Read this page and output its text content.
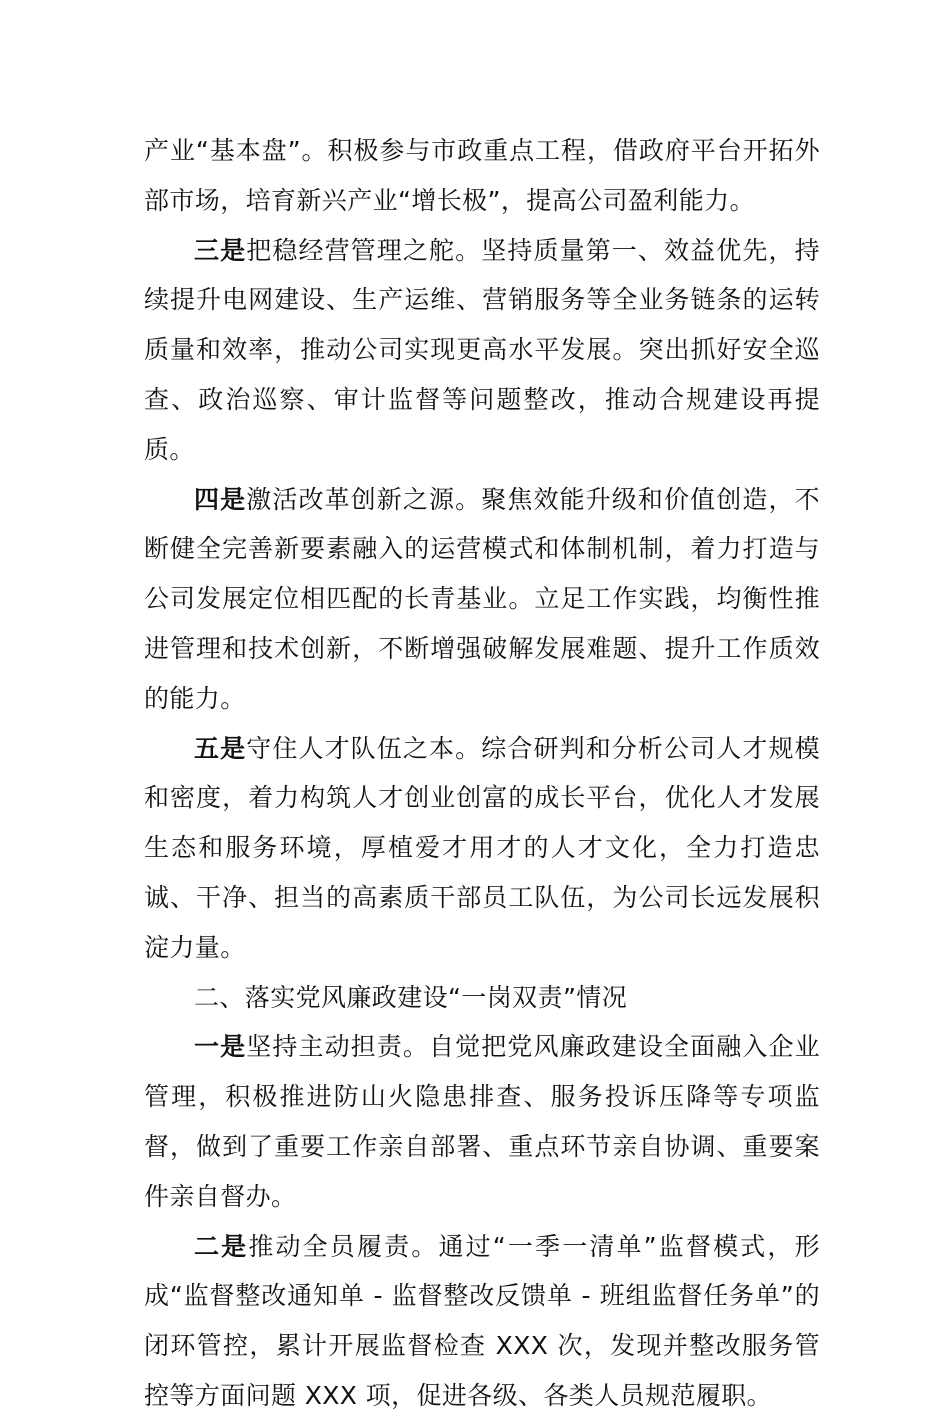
产业“基本盘”。积极参与市政重点工程，借政府平台开拓外部市场，培育新兴产业“增长极”，提高公司盈利能力。

三是把稳经营管理之舵。坚持质量第一、效益优先，持续提升电网建设、生产运维、营销服务等全业务链条的运转质量和效率，推动公司实现更高水平发展。突出抓好安全巡查、政治巡察、审计监督等问题整改，推动合规建设再提质。

四是激活改革创新之源。聚焦效能升级和价值创造，不断健全完善新要素融入的运营模式和体制机制，着力打造与公司发展定位相匹配的长青基业。立足工作实践，均衡性推进管理和技术创新，不断增强破解发展难题、提升工作质效的能力。

五是守住人才队伍之本。综合研判和分析公司人才规模和密度，着力构筑人才创业创富的成长平台，优化人才发展生态和服务环境，厚植爱才用才的人才文化，全力打造忠诚、干净、担当的高素质干部员工队伍，为公司长远发展积淀力量。

二、落实党风廉政建设“一岗双责”情况

一是坚持主动担责。自觉把党风廉政建设全面融入企业管理，积极推进防山火隐患排查、服务投诉压降等专项监督，做到了重要工作亲自部署、重点环节亲自协调、重要案件亲自督办。

二是推动全员履责。通过“一季一清单”监督模式，形成“监督整改通知单 - 监督整改反馈单 - 班组监督任务单”的闭环管控，累计开展监督检查 XXX 次，发现并整改服务管控等方面问题 XXX 项，促进各级、各类人员规范履职。
